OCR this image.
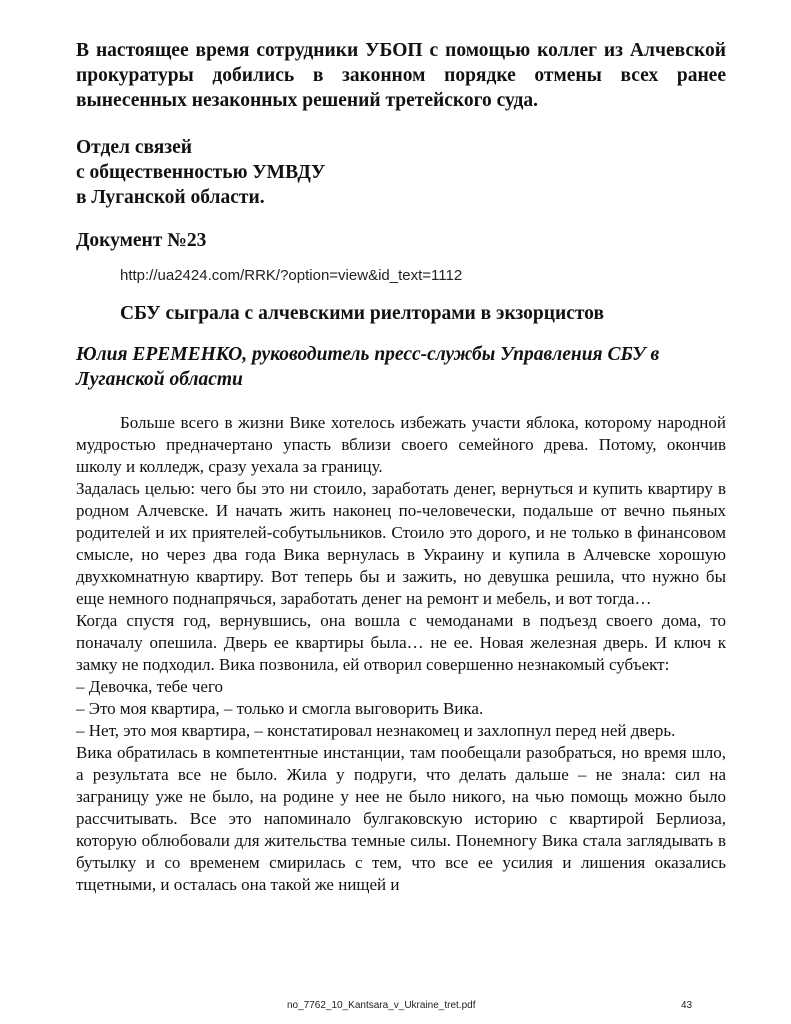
В настоящее время сотрудники УБОП с помощью коллег из Алчевской прокуратуры добились в законном порядке отмены всех ранее вынесенных незаконных решений третейского суда.

Отдел связей
с общественностью УМВДУ
в Луганской области.
Документ №23
http://ua2424.com/RRK/?option=view&id_text=1112
СБУ сыграла с алчевскими риелторами в экзорцистов
Юлия ЕРЕМЕНКО, руководитель пресс-службы Управления СБУ в Луганской области

Больше всего в жизни Вике хотелось избежать участи яблока, которому народной мудростью предначертано упасть вблизи своего семейного древа. Потому, окончив школу и колледж, сразу уехала за границу.

Задалась целью: чего бы это ни стоило, заработать денег, вернуться и купить квартиру в родном Алчевске. И начать жить наконец по-человечески, подальше от вечно пьяных родителей и их приятелей-собутыльников. Стоило это дорого, и не только в финансовом смысле, но через два года Вика вернулась в Украину и купила в Алчевске хорошую двухкомнатную квартиру. Вот теперь бы и зажить, но девушка решила, что нужно бы еще немного поднапрячься, заработать денег на ремонт и мебель, и вот тогда…

Когда спустя год, вернувшись, она вошла с чемоданами в подъезд своего дома, то поначалу опешила. Дверь ее квартиры была… не ее. Новая железная дверь. И ключ к замку не подходил. Вика позвонила, ей отворил совершенно незнакомый субъект:

– Девочка, тебе чего

– Это моя квартира, – только и смогла выговорить Вика.

– Нет, это моя квартира, – констатировал незнакомец и захлопнул перед ней дверь.

Вика обратилась в компетентные инстанции, там пообещали разобраться, но время шло, а результата все не было. Жила у подруги, что делать дальше – не знала: сил на заграницу уже не было, на родине у нее не было никого, на чью помощь можно было рассчитывать. Все это напоминало булгаковскую историю с квартирой Берлиоза, которую облюбовали для жительства темные силы. Понемногу Вика стала заглядывать в бутылку и со временем смирилась с тем, что все ее усилия и лишения оказались тщетными, и осталась она такой же нищей и

no_7762_10_Kantsara_v_Ukraine_tret.pdf	43
